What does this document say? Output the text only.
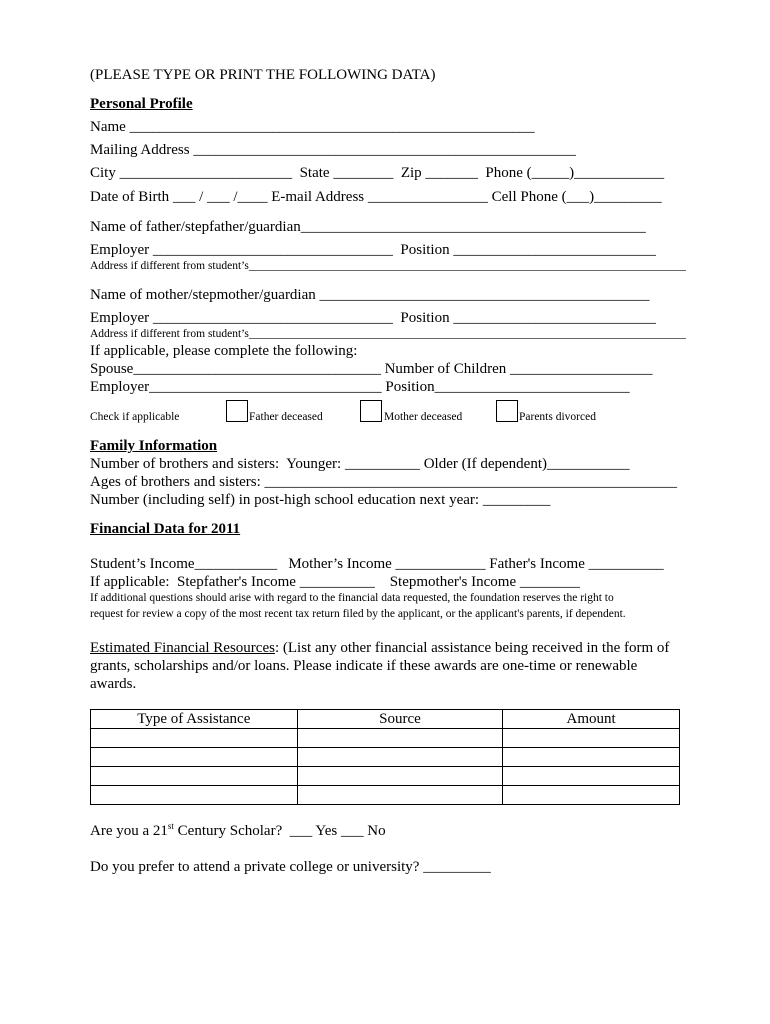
(PLEASE TYPE OR PRINT THE FOLLOWING DATA)
Personal Profile
Name ______________________________________________________
Mailing Address ___________________________________________________
City _______________________  State ________  Zip _______  Phone (_____)____________
Date of Birth ___ / ___ /____ E-mail Address ________________ Cell Phone (___)_________
Name of father/stepfather/guardian______________________________________________
Employer ________________________________  Position ___________________________
Address if different from student’s____________________________________________________________________________
Name of mother/stepmother/guardian ____________________________________________
Employer ________________________________  Position ___________________________
Address if different from student’s____________________________________________________________________________
If applicable, please complete the following:
Spouse_________________________________ Number of Children ___________________
Employer_______________________________ Position__________________________
Check if applicable	Father deceased	Mother deceased	Parents divorced
Family Information
Number of brothers and sisters:  Younger: __________ Older (If dependent)___________
Ages of brothers and sisters: _______________________________________________________
Number (including self) in post-high school education next year: _________
Financial Data for 2011
Student’s Income___________   Mother’s Income ____________ Father's Income __________
If applicable:  Stepfather's Income __________    Stepmother's Income ________
If additional questions should arise with regard to the financial data requested, the foundation reserves the right to
request for review a copy of the most recent tax return filed by the applicant, or the applicant's parents, if dependent.
Estimated Financial Resources: (List any other financial assistance being received in the form of
grants, scholarships and/or loans. Please indicate if these awards are one-time or renewable
awards.
Type of Assistance	Source	Amount

Are you a 21st Century Scholar?  ___ Yes ___ No
Do you prefer to attend a private college or university? _________
